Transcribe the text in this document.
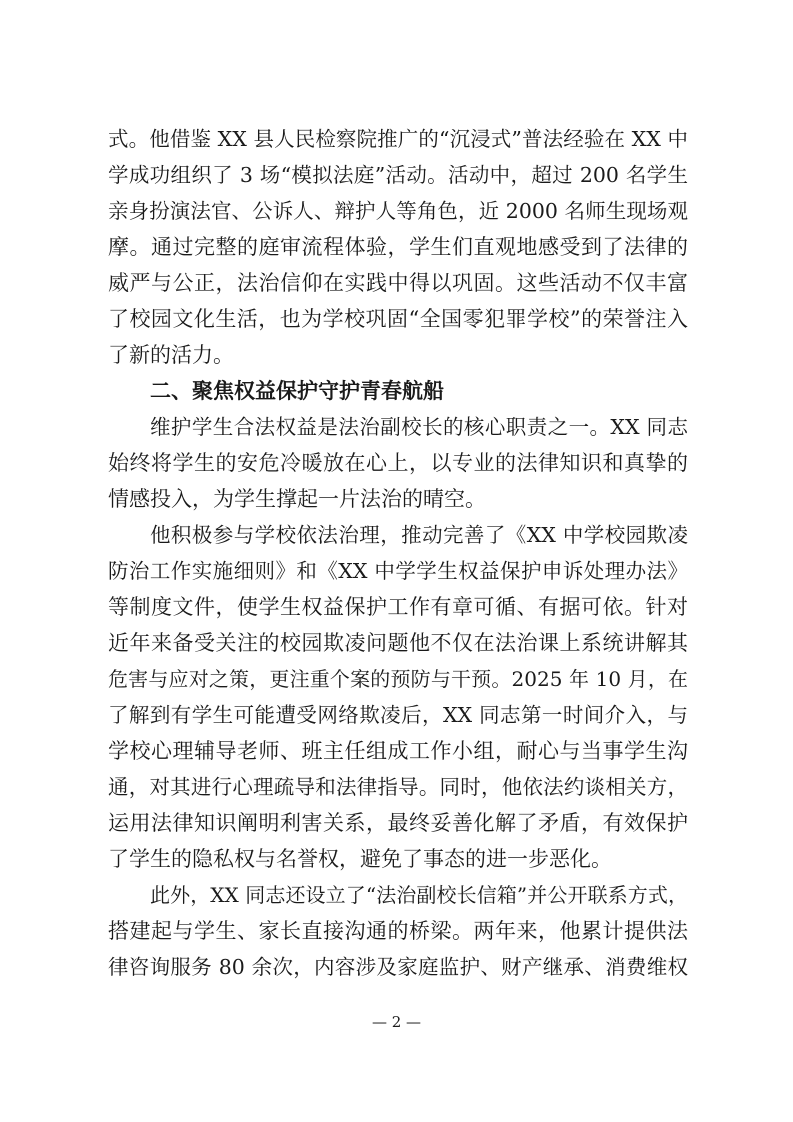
式。他借鉴 XX 县人民检察院推广的“沉浸式”普法经验在 XX 中
学成功组织了 3 场“模拟法庭”活动。活动中，超过 200 名学生
亲身扮演法官、公诉人、辩护人等角色，近 2000 名师生现场观
摩。通过完整的庭审流程体验，学生们直观地感受到了法律的
威严与公正，法治信仰在实践中得以巩固。这些活动不仅丰富
了校园文化生活，也为学校巩固“全国零犯罪学校”的荣誉注入
了新的活力。
二、聚焦权益保护守护青春航船
维护学生合法权益是法治副校长的核心职责之一。XX 同志
始终将学生的安危冷暖放在心上，以专业的法律知识和真挚的
情感投入，为学生撑起一片法治的晴空。
他积极参与学校依法治理，推动完善了《XX 中学校园欺凌
防治工作实施细则》和《XX 中学学生权益保护申诉处理办法》
等制度文件，使学生权益保护工作有章可循、有据可依。针对
近年来备受关注的校园欺凌问题他不仅在法治课上系统讲解其
危害与应对之策，更注重个案的预防与干预。2025 年 10 月，在
了解到有学生可能遭受网络欺凌后，XX 同志第一时间介入，与
学校心理辅导老师、班主任组成工作小组，耐心与当事学生沟
通，对其进行心理疏导和法律指导。同时，他依法约谈相关方，
运用法律知识阐明利害关系，最终妥善化解了矛盾，有效保护
了学生的隐私权与名誉权，避免了事态的进一步恶化。
此外，XX 同志还设立了“法治副校长信箱”并公开联系方式，
搭建起与学生、家长直接沟通的桥梁。两年来，他累计提供法
律咨询服务 80 余次，内容涉及家庭监护、财产继承、消费维权
— 2 —
